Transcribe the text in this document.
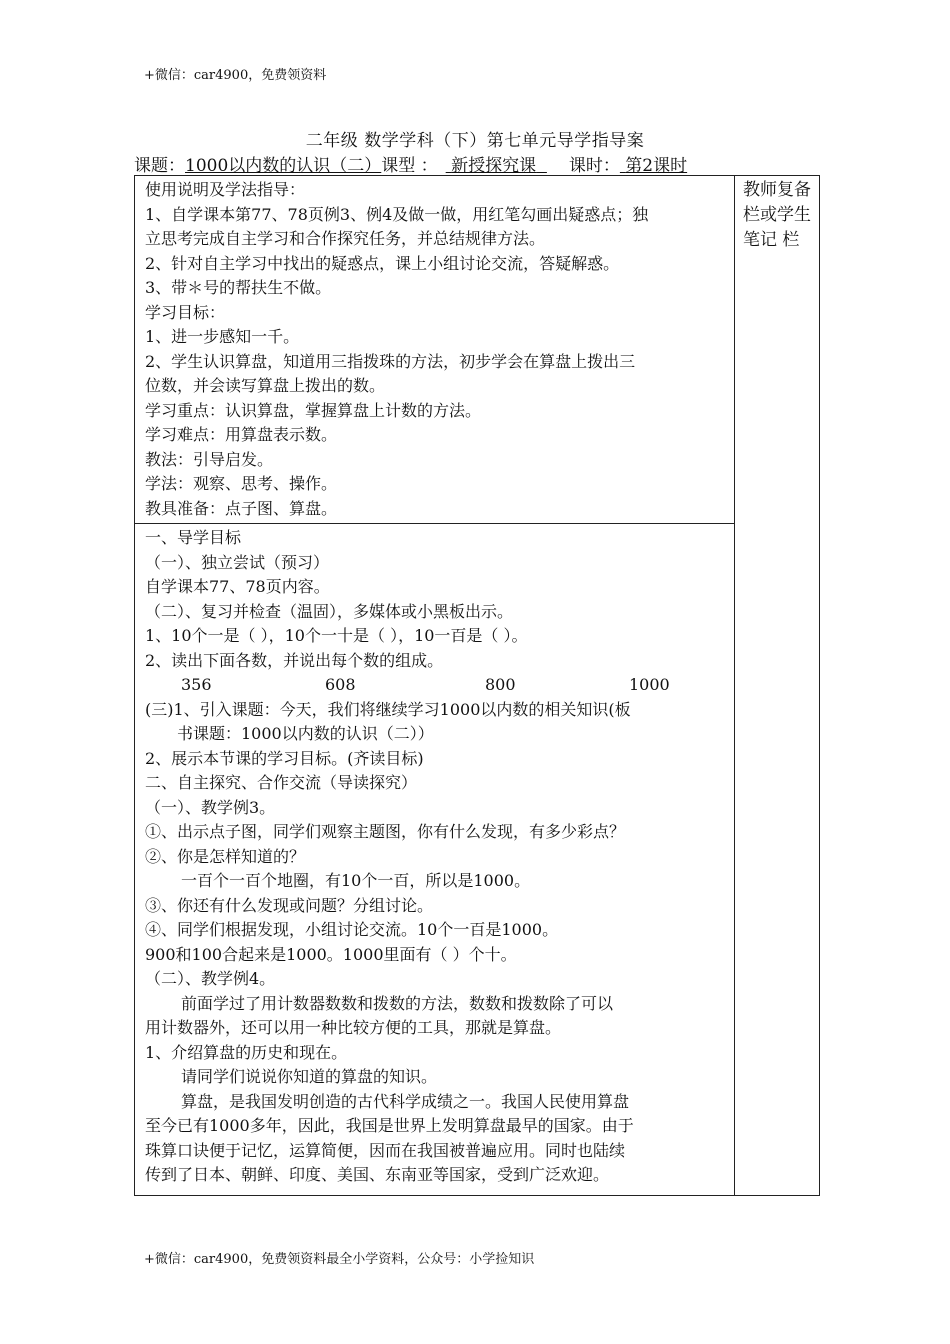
+微信：car4900，免费领资料
二年级 数学学科（下）第七单元导学指导案
课题：1000以内数的认识（二）课型 ： 新授探究课 课时： 第2课时
使用说明及学法指导：
1、自学课本第77、78页例3、例4及做一做，用红笔勾画出疑惑点；独
立思考完成自主学习和合作探究任务，并总结规律方法。
2、针对自主学习中找出的疑惑点，课上小组讨论交流，答疑解惑。
3、带＊号的帮扶生不做。
学习目标：
1、进一步感知一千。
2、学生认识算盘，知道用三指拨珠的方法，初步学会在算盘上拨出三
位数，并会读写算盘上拨出的数。
学习重点：认识算盘，掌握算盘上计数的方法。
学习难点：用算盘表示数。
教法：引导启发。
学法：观察、思考、操作。
教具准备：点子图、算盘。

教师复备栏或学生笔记 栏

一、导学目标
（一）、独立尝试（预习）
自学课本77、78页内容。
（二）、复习并检查（温固），多媒体或小黑板出示。
1、10个一是（ ），10个一十是（ ），10一百是（ ）。
2、读出下面各数，并说出每个数的组成。
356	608	800	1000
(三)1、引入课题：今天，我们将继续学习1000以内数的相关知识(板
书课题：1000以内数的认识（二））
2、展示本节课的学习目标。(齐读目标)
二、自主探究、合作交流（导读探究）
（一）、教学例3。
①、出示点子图，同学们观察主题图，你有什么发现，有多少彩点？
②、你是怎样知道的？
一百个一百个地圈，有10个一百，所以是1000。
③、你还有什么发现或问题？分组讨论。
④、同学们根据发现，小组讨论交流。10个一百是1000。
900和100合起来是1000。1000里面有（ ）个十。
（二）、教学例4。
前面学过了用计数器数数和拨数的方法，数数和拨数除了可以
用计数器外，还可以用一种比较方便的工具，那就是算盘。
1、介绍算盘的历史和现在。
请同学们说说你知道的算盘的知识。
算盘，是我国发明创造的古代科学成绩之一。我国人民使用算盘
至今已有1000多年，因此，我国是世界上发明算盘最早的国家。由于
珠算口诀便于记忆，运算简便，因而在我国被普遍应用。同时也陆续
传到了日本、朝鲜、印度、美国、东南亚等国家，受到广泛欢迎。
+微信：car4900，免费领资料最全小学资料，公众号：小学捡知识
